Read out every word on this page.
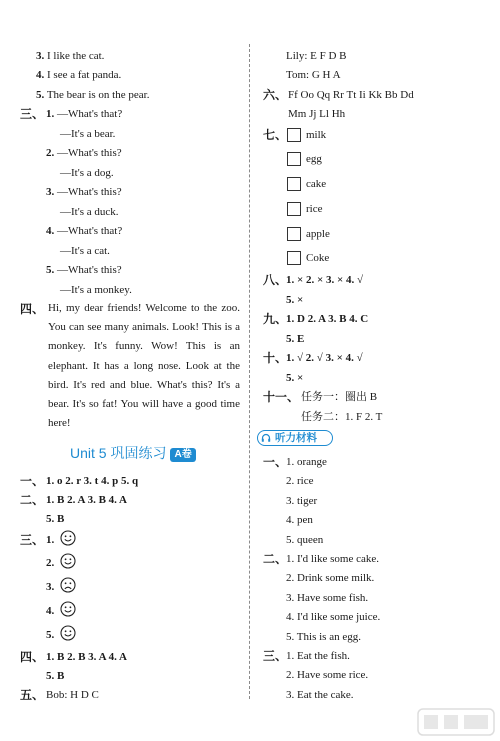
3. I like the cat.
4. I see a fat panda.
5. The bear is on the pear.
三、 1. —What's that?
—It's a bear.
2. —What's this?
—It's a dog.
3. —What's this?
—It's a duck.
4. —What's that?
—It's a cat.
5. —What's this?
—It's a monkey.
四、 Hi, my dear friends! Welcome to the zoo. You can see many animals. Look! This is a monkey. It's funny. Wow! This is an elephant. It has a long nose. Look at the bird. It's red and blue. What's this? It's a bear. It's so fat! You will have a good time here!
Unit 5 巩固练习 A卷
一、 1. o 2. r 3. t 4. p 5. q
二、 1. B 2. A 3. B 4. A
5. B
三、 1.
2.
3.
4.
5.
四、 1. B 2. B 3. A 4. A
5. B
五、 Bob: H D C
Lily: E F D B
Tom: G H A
六、 Ff Oo Qq Rr Tt Ii Kk Bb Dd
Mm Jj Ll Hh
七、 milk
egg
cake
rice
apple
Coke
八、
1. × 2. × 3. × 4. √
5. ×
九、
1. D 2. A 3. B 4. C
5. E
十、
1. √ 2. √ 3. × 4. √
5. ×
十一、 任务一：圈出 B
任务二：1. F 2. T
听力材料
一、
1. orange
2. rice
3. tiger
4. pen
5. queen
二、
1. I'd like some cake.
2. Drink some milk.
3. Have some fish.
4. I'd like some juice.
5. This is an egg.
三、
1. Eat the fish.
2. Have some rice.
3. Eat the cake.
